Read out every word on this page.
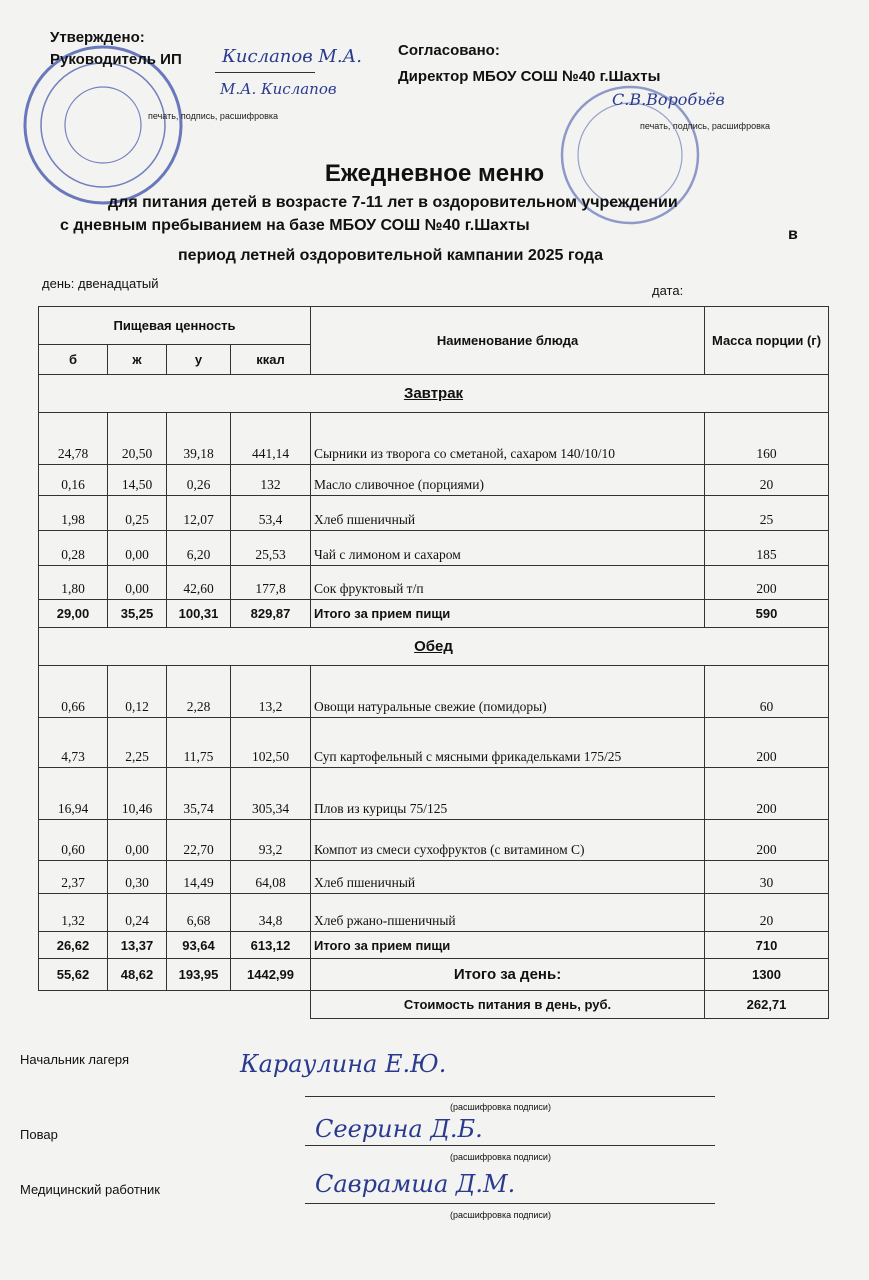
Утверждено:
Руководитель ИП Кислапов М.А.
М.А. Кислапов
печать, подпись, расшифровка
Согласовано:
Директор МБОУ СОШ №40 г.Шахты
С.В.Воробьёв
печать, подпись, расшифровка
Ежедневное меню
для питания детей в возрасте 7-11 лет в оздоровительном учреждении
с дневным пребыванием на базе МБОУ СОШ №40 г.Шахты
в
период летней оздоровительной кампании 2025 года
день: двенадцатый	дата:
Пищевая ценность				Наименование блюда	Масса порции (г)
б	ж	у	ккал		
Завтрак					
24,78	20,50	39,18	441,14	Сырники из творога со сметаной, сахаром 140/10/10	160
0,16	14,50	0,26	132	Масло сливочное (порциями)	20
1,98	0,25	12,07	53,4	Хлеб пшеничный	25
0,28	0,00	6,20	25,53	Чай с лимоном и сахаром	185
1,80	0,00	42,60	177,8	Сок фруктовый т/п	200
29,00	35,25	100,31	829,87	Итого за прием пищи	590
Обед					
0,66	0,12	2,28	13,2	Овощи натуральные свежие (помидоры)	60
4,73	2,25	11,75	102,50	Суп картофельный с мясными фрикадельками 175/25	200
16,94	10,46	35,74	305,34	Плов из курицы 75/125	200
0,60	0,00	22,70	93,2	Компот из смеси сухофруктов (с витамином С)	200
2,37	0,30	14,49	64,08	Хлеб пшеничный	30
1,32	0,24	6,68	34,8	Хлеб ржано-пшеничный	20
26,62	13,37	93,64	613,12	Итого за прием пищи	710
55,62	48,62	193,95	1442,99	Итого за день:	1300
				Стоимость питания в день, руб.	262,71
Начальник лагеря	Караулина Е.Ю.
(расшифровка подписи)
Повар	Сеерина Д.Б.
(расшифровка подписи)
Медицинский работник	Саврамша Д.М.
(расшифровка подписи)
